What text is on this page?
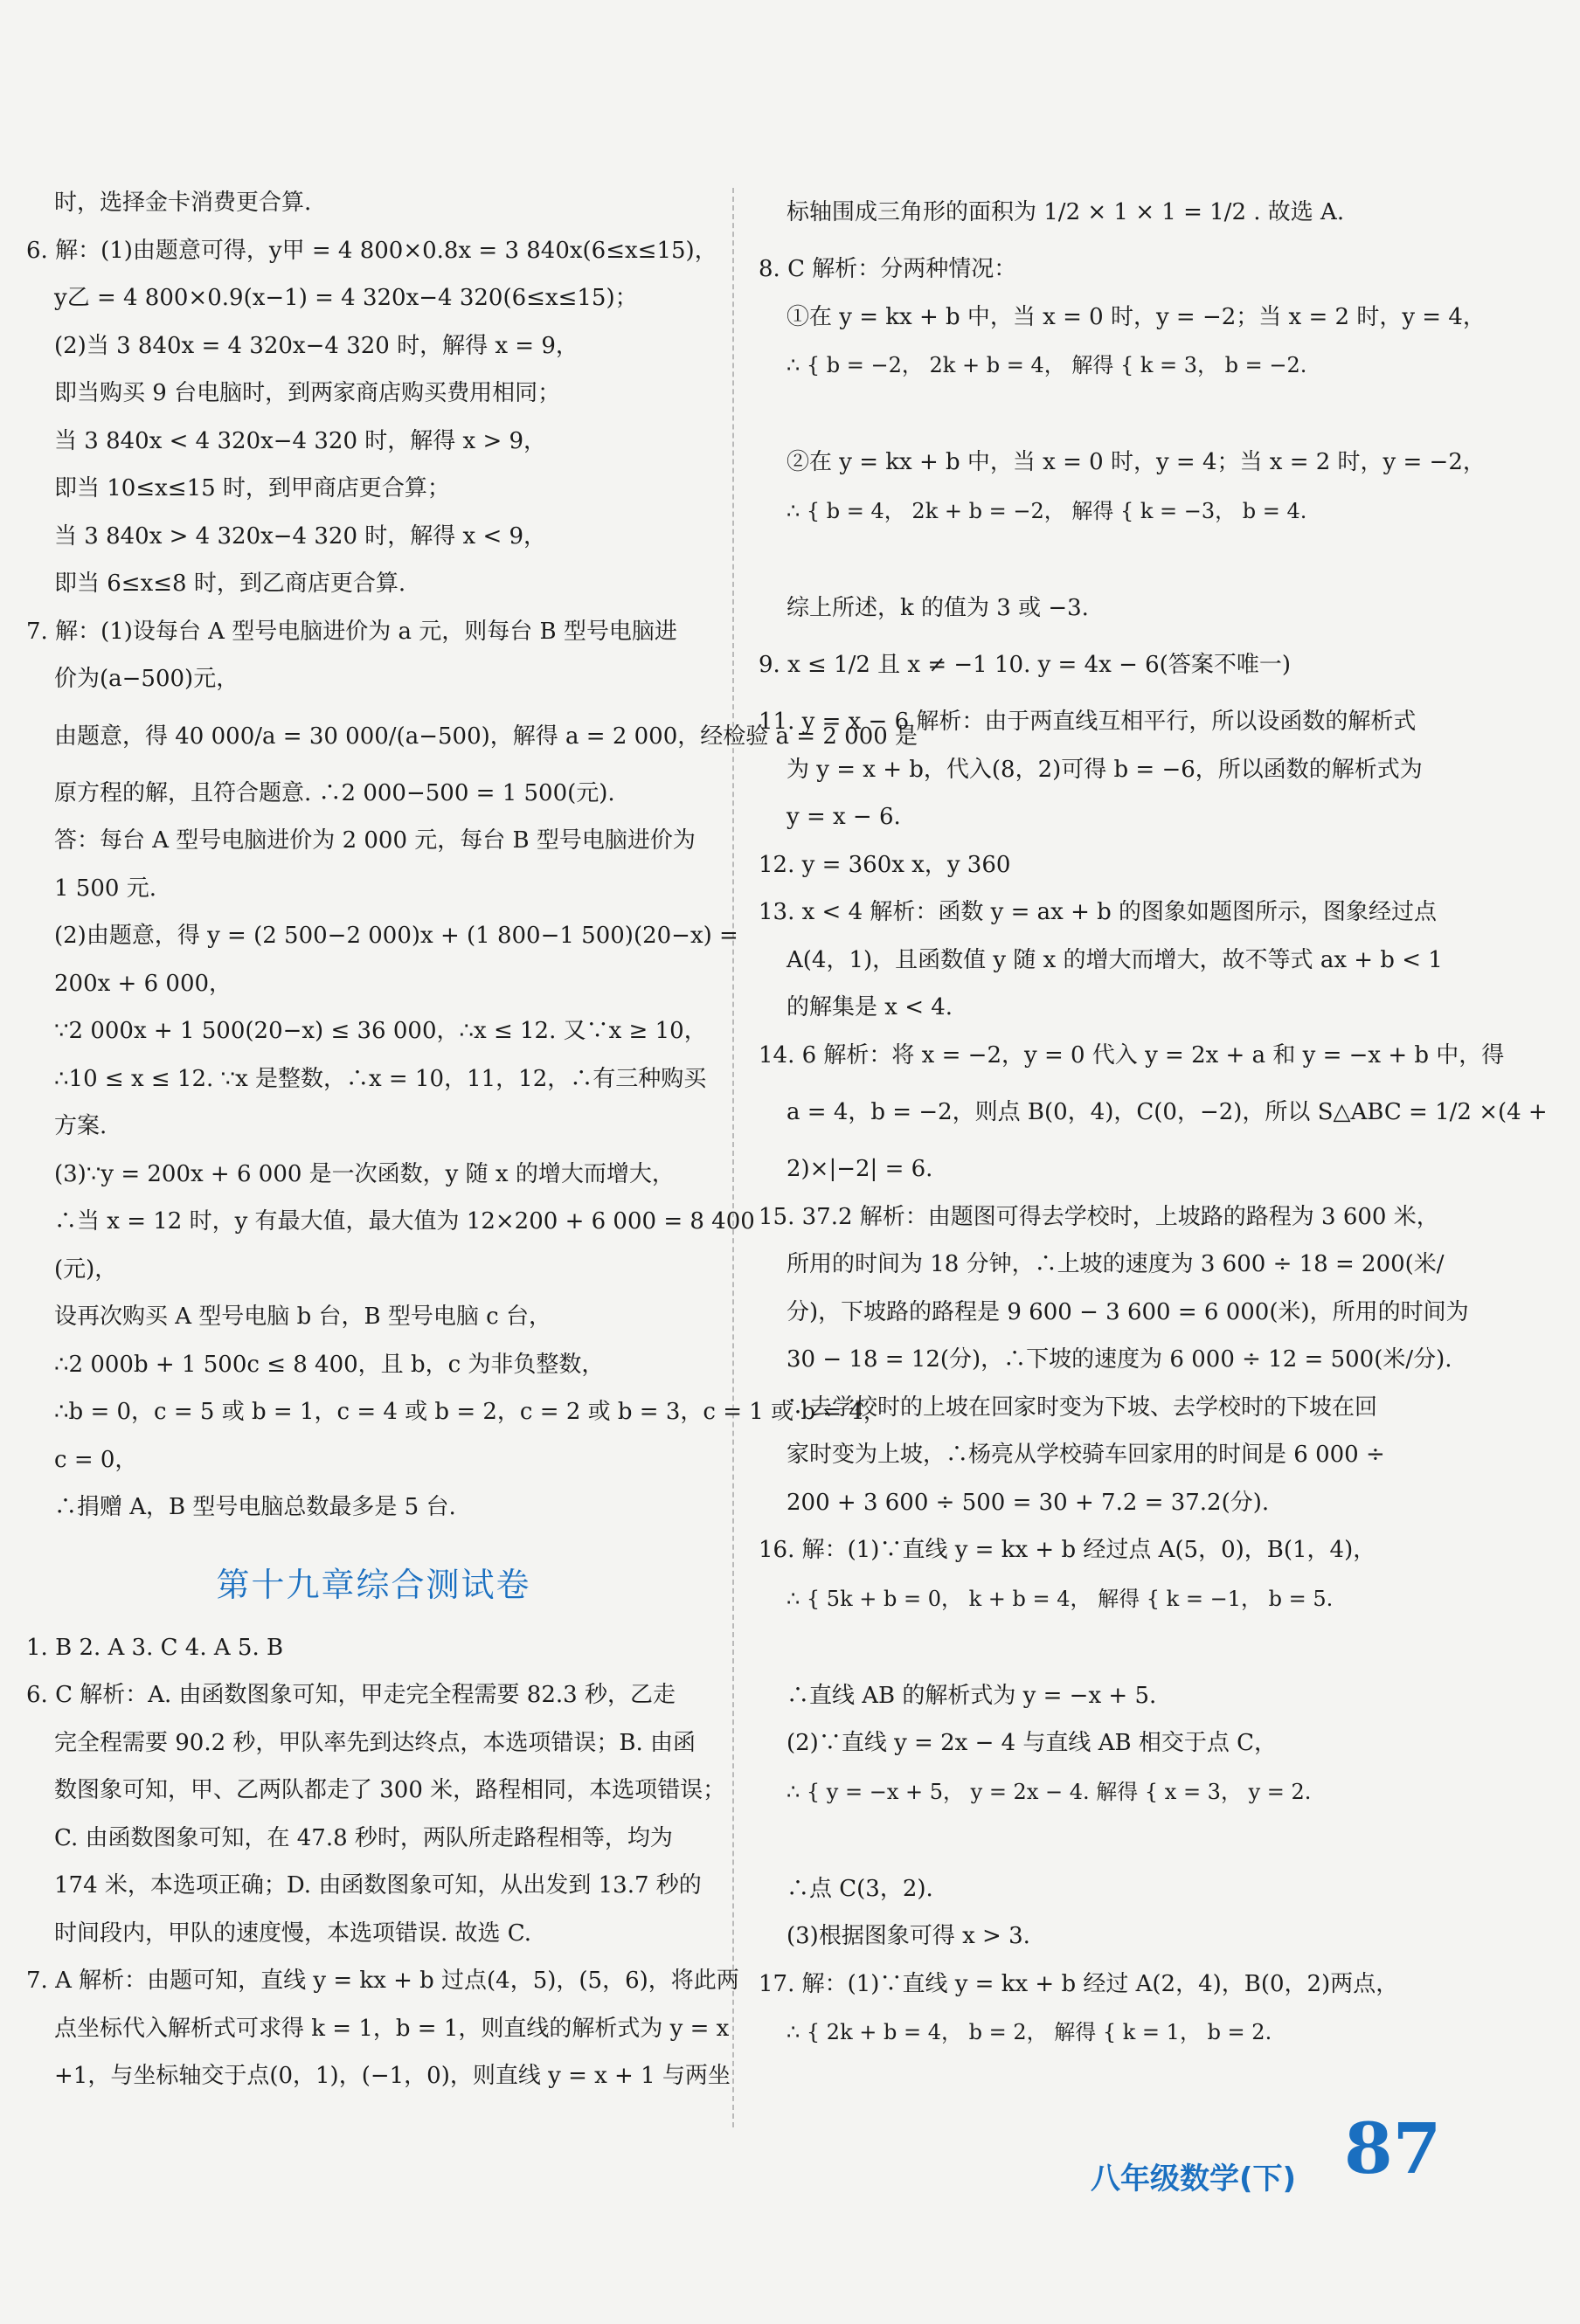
时，选择金卡消费更合算.
6. 解：(1)由题意可得，y甲 = 4 800×0.8x = 3 840x(6≤x≤15)，
y乙 = 4 800×0.9(x−1) = 4 320x−4 320(6≤x≤15)；
(2)当 3 840x = 4 320x−4 320 时，解得 x = 9，
即当购买 9 台电脑时，到两家商店购买费用相同；
当 3 840x < 4 320x−4 320 时，解得 x > 9，
即当 10≤x≤15 时，到甲商店更合算；
当 3 840x > 4 320x−4 320 时，解得 x < 9，
即当 6≤x≤8 时，到乙商店更合算.
7. 解：(1)设每台 A 型号电脑进价为 a 元，则每台 B 型号电脑进
价为(a−500)元，
由题意，得 40 000/a = 30 000/(a−500)，解得 a = 2 000，经检验 a = 2 000 是
原方程的解，且符合题意. ∴2 000−500 = 1 500(元).
答：每台 A 型号电脑进价为 2 000 元，每台 B 型号电脑进价为
1 500 元.
(2)由题意，得 y = (2 500−2 000)x + (1 800−1 500)(20−x) =
200x + 6 000，
∵2 000x + 1 500(20−x) ≤ 36 000，∴x ≤ 12. 又∵x ≥ 10，
∴10 ≤ x ≤ 12. ∵x 是整数，∴x = 10，11，12，∴有三种购买
方案.
(3)∵y = 200x + 6 000 是一次函数，y 随 x 的增大而增大，
∴当 x = 12 时，y 有最大值，最大值为 12×200 + 6 000 = 8 400
(元)，
设再次购买 A 型号电脑 b 台，B 型号电脑 c 台，
∴2 000b + 1 500c ≤ 8 400，且 b，c 为非负整数，
∴b = 0，c = 5 或 b = 1，c = 4 或 b = 2，c = 2 或 b = 3，c = 1 或 b = 4，
c = 0，
∴捐赠 A，B 型号电脑总数最多是 5 台.
第十九章综合测试卷
1. B 2. A 3. C 4. A 5. B
6. C 解析：A. 由函数图象可知，甲走完全程需要 82.3 秒，乙走
完全程需要 90.2 秒，甲队率先到达终点，本选项错误；B. 由函
数图象可知，甲、乙两队都走了 300 米，路程相同，本选项错误；
C. 由函数图象可知，在 47.8 秒时，两队所走路程相等，均为
174 米，本选项正确；D. 由函数图象可知，从出发到 13.7 秒的
时间段内，甲队的速度慢，本选项错误. 故选 C.
7. A 解析：由题可知，直线 y = kx + b 过点(4，5)，(5，6)，将此两
点坐标代入解析式可求得 k = 1，b = 1，则直线的解析式为 y = x
+1，与坐标轴交于点(0，1)，(−1，0)，则直线 y = x + 1 与两坐
标轴围成三角形的面积为 1/2 × 1 × 1 = 1/2 . 故选 A.
8. C 解析：分两种情况：
①在 y = kx + b 中，当 x = 0 时，y = −2；当 x = 2 时，y = 4，
∴ { b = −2， 2k + b = 4， 解得 { k = 3， b = −2.
②在 y = kx + b 中，当 x = 0 时，y = 4；当 x = 2 时，y = −2，
∴ { b = 4， 2k + b = −2， 解得 { k = −3， b = 4.
综上所述，k 的值为 3 或 −3.
9. x ≤ 1/2 且 x ≠ −1 10. y = 4x − 6(答案不唯一)
11. y = x − 6 解析：由于两直线互相平行，所以设函数的解析式
为 y = x + b，代入(8，2)可得 b = −6，所以函数的解析式为
y = x − 6.
12. y = 360x x，y 360
13. x < 4 解析：函数 y = ax + b 的图象如题图所示，图象经过点
A(4，1)，且函数值 y 随 x 的增大而增大，故不等式 ax + b < 1
的解集是 x < 4.
14. 6 解析：将 x = −2，y = 0 代入 y = 2x + a 和 y = −x + b 中，得
a = 4，b = −2，则点 B(0，4)，C(0，−2)，所以 S△ABC = 1/2 ×(4 +
2)×|−2| = 6.
15. 37.2 解析：由题图可得去学校时，上坡路的路程为 3 600 米，
所用的时间为 18 分钟，∴上坡的速度为 3 600 ÷ 18 = 200(米/
分)，下坡路的路程是 9 600 − 3 600 = 6 000(米)，所用的时间为
30 − 18 = 12(分)，∴下坡的速度为 6 000 ÷ 12 = 500(米/分).
∵去学校时的上坡在回家时变为下坡、去学校时的下坡在回
家时变为上坡，∴杨亮从学校骑车回家用的时间是 6 000 ÷
200 + 3 600 ÷ 500 = 30 + 7.2 = 37.2(分).
16. 解：(1)∵直线 y = kx + b 经过点 A(5，0)，B(1，4)，
∴ { 5k + b = 0， k + b = 4， 解得 { k = −1， b = 5.
∴直线 AB 的解析式为 y = −x + 5.
(2)∵直线 y = 2x − 4 与直线 AB 相交于点 C，
∴ { y = −x + 5， y = 2x − 4. 解得 { x = 3， y = 2.
∴点 C(3，2).
(3)根据图象可得 x > 3.
17. 解：(1)∵直线 y = kx + b 经过 A(2，4)，B(0，2)两点，
∴ { 2k + b = 4， b = 2， 解得 { k = 1， b = 2.
八年级数学(下) 87
